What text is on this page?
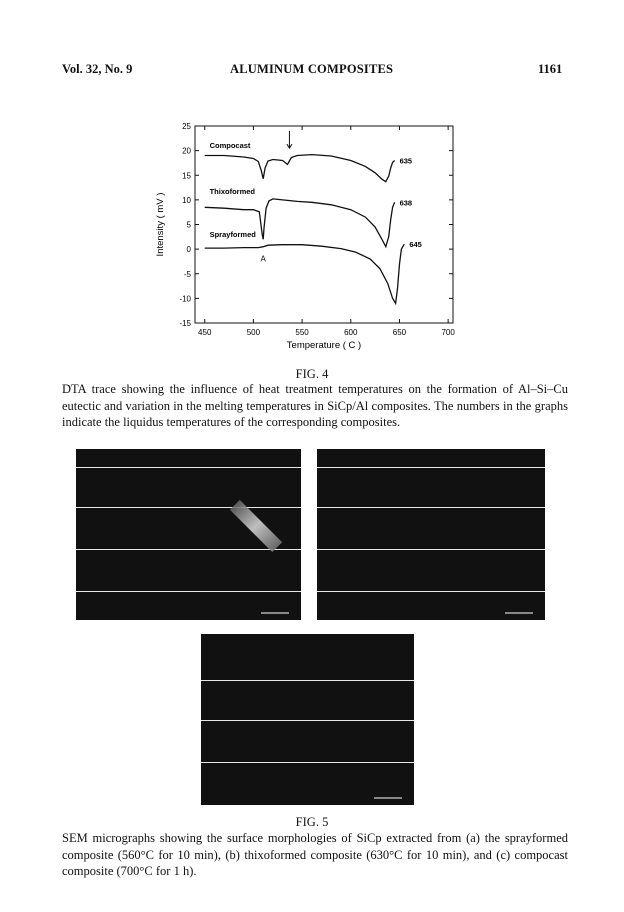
Vol. 32, No. 9	ALUMINUM COMPOSITES	1161
450	500	550	600	650	700
-15
-10
-5
0
5
10
15
20
25
Temperature ( C )
Intensity ( mV )
Compocast
635
Thixoformed
638
Sprayformed
645
A
FIG. 4
DTA trace showing the influence of heat treatment temperatures on the formation of Al–Si–Cu eutectic and variation in the melting temperatures in SiCp/Al composites. The numbers in the graphs indicate the liquidus temperatures of the corresponding composites.
FIG. 5
SEM micrographs showing the surface morphologies of SiCp extracted from (a) the sprayformed composite (560°C for 10 min), (b) thixoformed composite (630°C for 10 min), and (c) compocast composite (700°C for 1 h).
